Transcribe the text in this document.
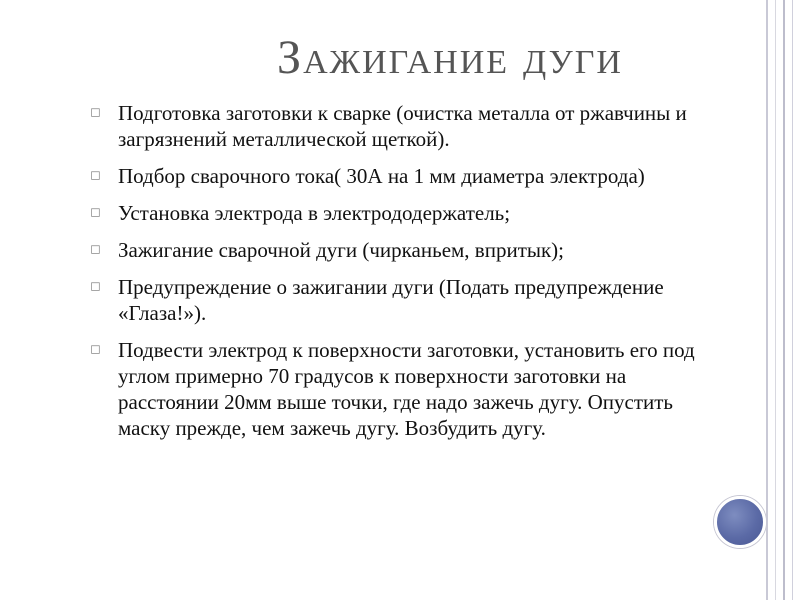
Зажигание дуги
◻ Подготовка заготовки к сварке (очистка металла от ржавчины и загрязнений металлической щеткой).
◻ Подбор сварочного тока( 30А на 1 мм диаметра электрода)
◻ Установка электрода в электрододержатель;
◻ Зажигание сварочной дуги (чирканьем, впритык);
◻ Предупреждение о зажигании дуги (Подать предупреждение «Глаза!»).
◻ Подвести электрод к поверхности заготовки, установить его под углом примерно 70 градусов к поверхности заготовки на расстоянии 20мм выше точки, где надо зажечь дугу. Опустить маску прежде, чем зажечь дугу. Возбудить дугу.
